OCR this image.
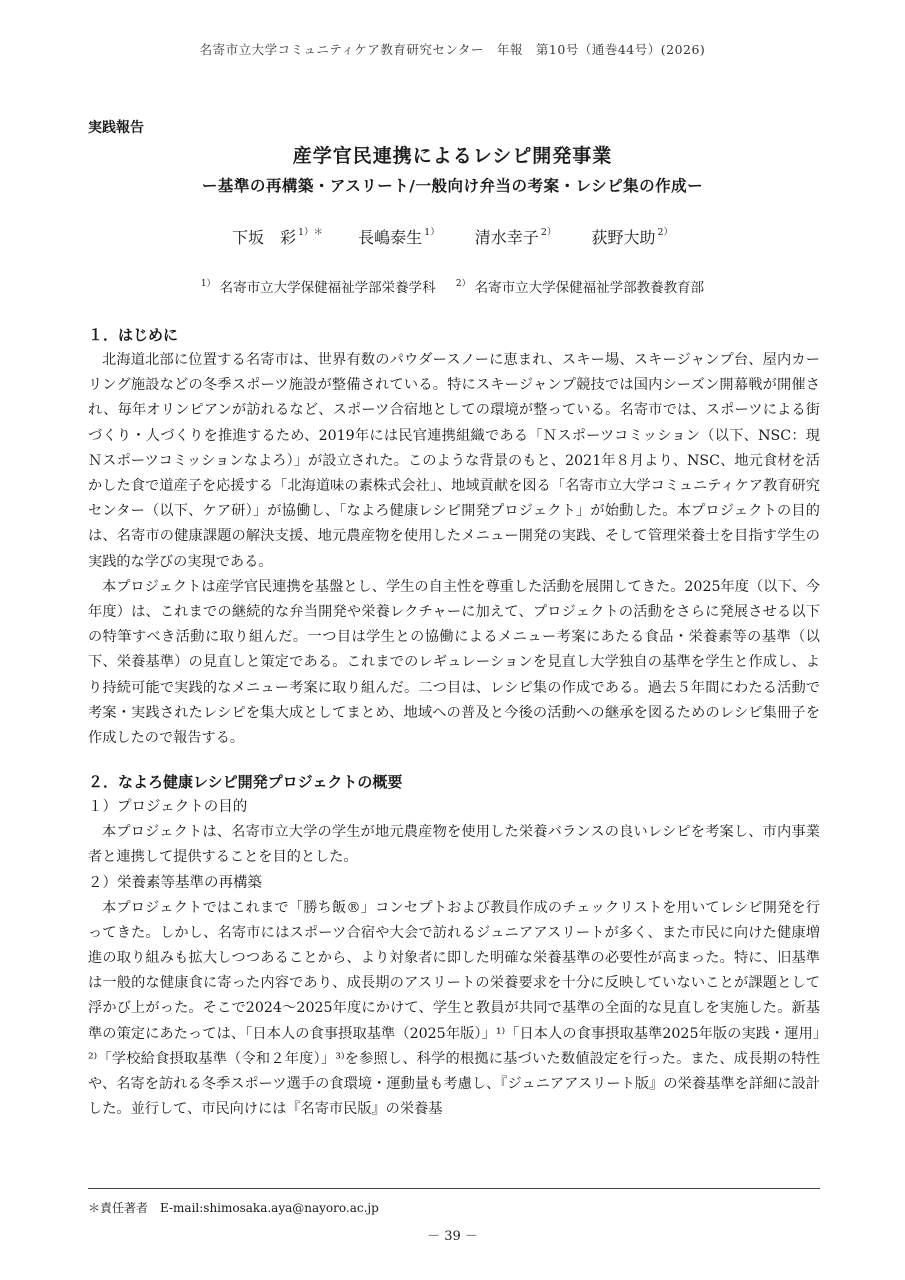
名寄市立大学コミュニティケア教育研究センター　年報　第10号（通巻44号）(2026)
実践報告
産学官民連携によるレシピ開発事業
ー基準の再構築・アスリート/一般向け弁当の考案・レシピ集の作成ー
下坂　彩 $^{1)*}$ 長嶋泰生 $^{1)}$ 清水幸子 $^{2)}$ 荻野大助 $^{2)}$
$^{1)}$ 名寄市立大学保健福祉学部栄養学科 $^{2)}$ 名寄市立大学保健福祉学部教養教育部
１．はじめに

北海道北部に位置する名寄市は、世界有数のパウダースノーに恵まれ、スキー場、スキージャンプ台、屋内カーリング施設などの冬季スポーツ施設が整備されている。特にスキージャンプ競技では国内シーズン開幕戦が開催され、毎年オリンピアンが訪れるなど、スポーツ合宿地としての環境が整っている。名寄市では、スポーツによる街づくり・人づくりを推進するため、2019年には民官連携組織である「Ｎスポーツコミッション（以下、NSC：現Ｎスポーツコミッションなよろ）」が設立された。このような背景のもと、2021年８月より、NSC、地元食材を活かした食で道産子を応援する「北海道味の素株式会社」、地域貢献を図る「名寄市立大学コミュニティケア教育研究センター（以下、ケア研）」が協働し、「なよろ健康レシピ開発プロジェクト」が始動した。本プロジェクトの目的は、名寄市の健康課題の解決支援、地元農産物を使用したメニュー開発の実践、そして管理栄養士を目指す学生の実践的な学びの実現である。

本プロジェクトは産学官民連携を基盤とし、学生の自主性を尊重した活動を展開してきた。2025年度（以下、今年度）は、これまでの継続的な弁当開発や栄養レクチャーに加えて、プロジェクトの活動をさらに発展させる以下の特筆すべき活動に取り組んだ。一つ目は学生との協働によるメニュー考案にあたる食品・栄養素等の基準（以下、栄養基準）の見直しと策定である。これまでのレギュレーションを見直し大学独自の基準を学生と作成し、より持続可能で実践的なメニュー考案に取り組んだ。二つ目は、レシピ集の作成である。過去５年間にわたる活動で考案・実践されたレシピを集大成としてまとめ、地域への普及と今後の活動への継承を図るためのレシピ集冊子を作成したので報告する。

２．なよろ健康レシピ開発プロジェクトの概要
１）プロジェクトの目的

本プロジェクトは、名寄市立大学の学生が地元農産物を使用した栄養バランスの良いレシピを考案し、市内事業者と連携して提供することを目的とした。

２）栄養素等基準の再構築

本プロジェクトではこれまで「勝ち飯®」コンセプトおよび教員作成のチェックリストを用いてレシピ開発を行ってきた。しかし、名寄市にはスポーツ合宿や大会で訪れるジュニアアスリートが多く、また市民に向けた健康増進の取り組みも拡大しつつあることから、より対象者に即した明確な栄養基準の必要性が高まった。特に、旧基準は一般的な健康食に寄った内容であり、成長期のアスリートの栄養要求を十分に反映していないことが課題として浮かび上がった。そこで2024〜2025年度にかけて、学生と教員が共同で基準の全面的な見直しを実施した。新基準の策定にあたっては、「日本人の食事摂取基準（2025年版）」¹⁾「日本人の食事摂取基準2025年版の実践・運用」²⁾「学校給食摂取基準（令和２年度）」³⁾を参照し、科学的根拠に基づいた数値設定を行った。また、成長期の特性や、名寄を訪れる冬季スポーツ選手の食環境・運動量も考慮し、『ジュニアアスリート版』の栄養基準を詳細に設計した。並行して、市民向けには『名寄市民版』の栄養基

＊責任著者　E-mail:shimosaka.aya@nayoro.ac.jp
－ 39 －
